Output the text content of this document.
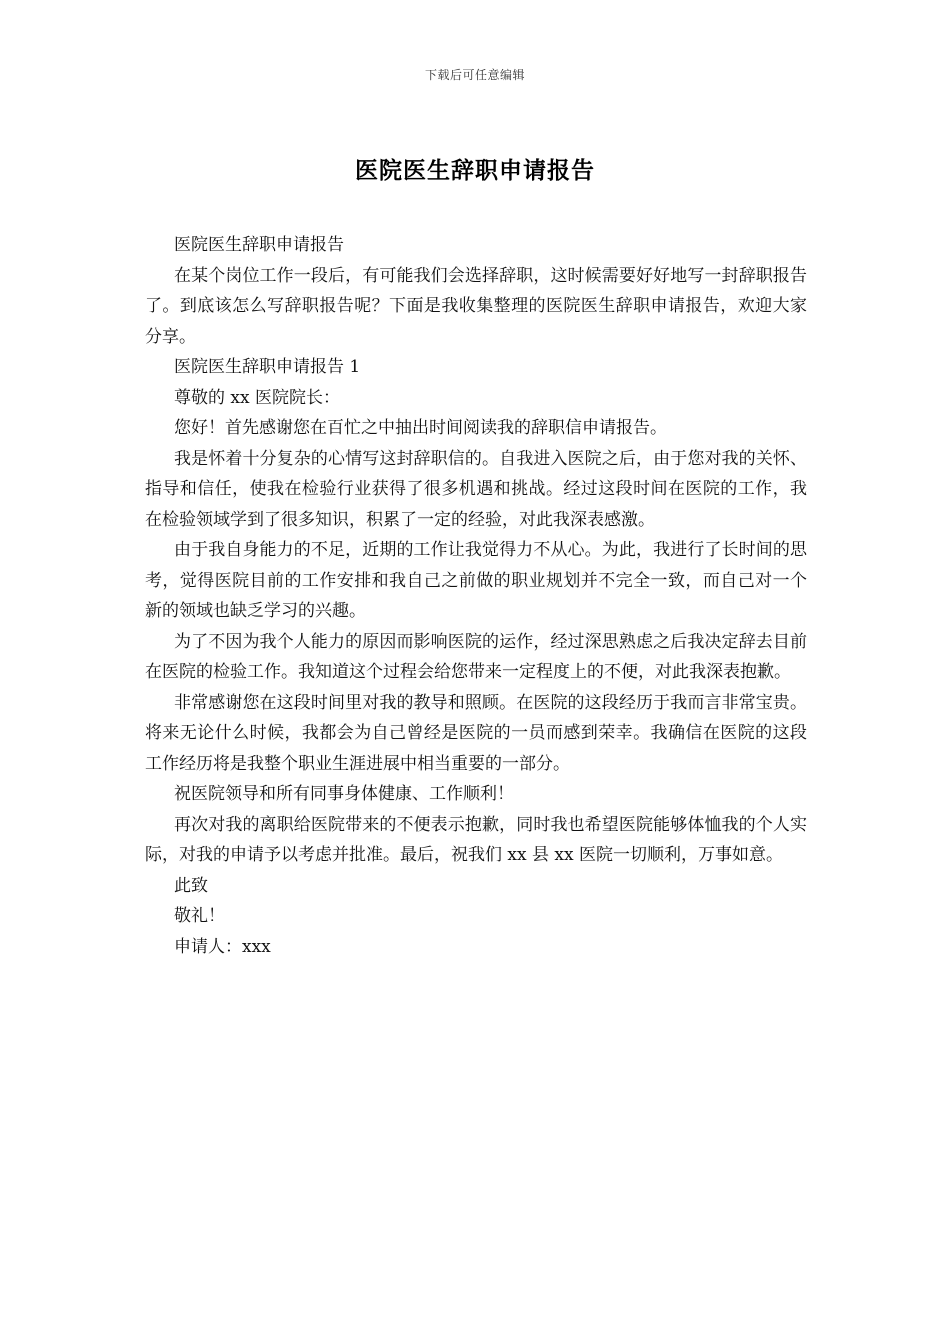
下载后可任意编辑
医院医生辞职申请报告

医院医生辞职申请报告

在某个岗位工作一段后，有可能我们会选择辞职，这时候需要好好地写一封辞职报告了。到底该怎么写辞职报告呢？下面是我收集整理的医院医生辞职申请报告，欢迎大家分享。

医院医生辞职申请报告 1

尊敬的 xx 医院院长：

您好！首先感谢您在百忙之中抽出时间阅读我的辞职信申请报告。

我是怀着十分复杂的心情写这封辞职信的。自我进入医院之后，由于您对我的关怀、指导和信任，使我在检验行业获得了很多机遇和挑战。经过这段时间在医院的工作，我在检验领域学到了很多知识，积累了一定的经验，对此我深表感激。

由于我自身能力的不足，近期的工作让我觉得力不从心。为此，我进行了长时间的思考，觉得医院目前的工作安排和我自己之前做的职业规划并不完全一致，而自己对一个新的领域也缺乏学习的兴趣。

为了不因为我个人能力的原因而影响医院的运作，经过深思熟虑之后我决定辞去目前在医院的检验工作。我知道这个过程会给您带来一定程度上的不便，对此我深表抱歉。

非常感谢您在这段时间里对我的教导和照顾。在医院的这段经历于我而言非常宝贵。将来无论什么时候，我都会为自己曾经是医院的一员而感到荣幸。我确信在医院的这段工作经历将是我整个职业生涯进展中相当重要的一部分。

祝医院领导和所有同事身体健康、工作顺利！

再次对我的离职给医院带来的不便表示抱歉，同时我也希望医院能够体恤我的个人实际，对我的申请予以考虑并批准。最后，祝我们 xx 县 xx 医院一切顺利，万事如意。

此致

敬礼！

申请人：xxx
